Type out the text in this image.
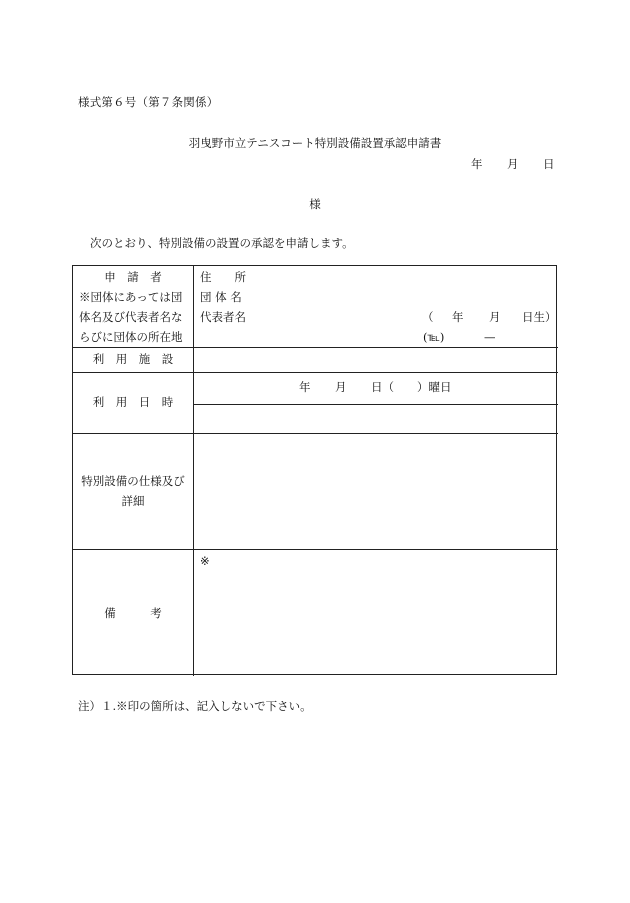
様式第６号（第７条関係）
羽曳野市立テニスコート特別設備設置承認申請書
年 月 日
様
次のとおり、特別設備の設置の承認を申請します。
申　請　者
※団体にあっては団
体名及び代表者名な
らびに団体の所在地
住　　所
団 体 名
代表者名	（ 年 月 日生）
(℡)	—
利　用　施　設
利　用　日　時
年 月 日（　　）曜日
特別設備の仕様及び
詳細
備　　　考
※
注）１.※印の箇所は、記入しないで下さい。
